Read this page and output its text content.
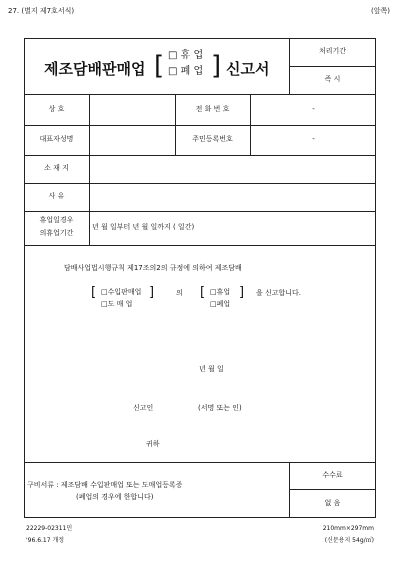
27. (별지 제7호서식)	(앞쪽)
제조담배판매업 [ □ 휴 업
□ 폐 업 ] 신고서
처리기간
즉 시
상 호	전 화 번 호	-
대표자성명	주민등록번호	-
소 재 지
사 유
휴업일경우
의휴업기간
년 월 일부터 년 월 일까지 ( 일간)
담배사업법시행규칙 제17조의2의 규정에 의하여 제조담배
[ □수입판매업
□도 매 업
]	의 [ □휴업
□폐업
] 을 신고합니다.
년 월 일
신고인	(서명 또는 인)
귀하
구비서류 : 제조담배 수입판매업 또는 도매업등록증
(폐업의 경우에 한합니다)
수수료
없 음
22229-02311민
'96.6.17 개정
210mm×297mm
(신문용지 54g/㎡)
